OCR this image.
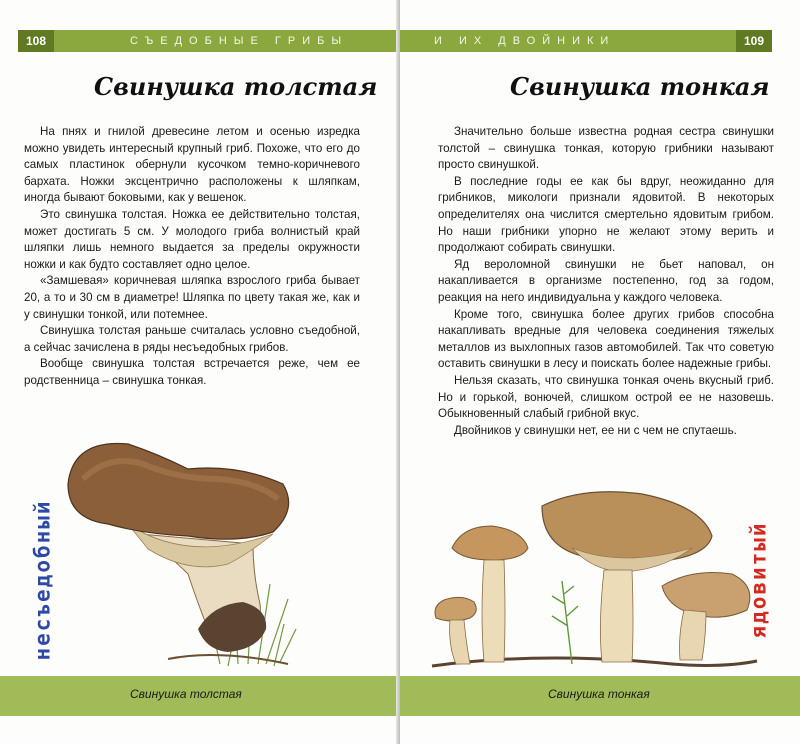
108	СЪЕДОБНЫЕ ГРИБЫ
Свинушка толстая

На пнях и гнилой древесине летом и осенью изредка можно увидеть интересный крупный гриб. Похоже, что его до самых пластинок обернули кусочком темно-коричневого бархата. Ножки эксцентрично расположены к шляпкам, иногда бывают боковыми, как у вешенок.

Это свинушка толстая. Ножка ее действительно толстая, может достигать 5 см. У молодого гриба волнистый край шляпки лишь немного выдается за пределы окружности ножки и как будто составляет одно целое.

«Замшевая» коричневая шляпка взрослого гриба бывает 20, а то и 30 см в диаметре! Шляпка по цвету такая же, как и у свинушки тонкой, или потемнее.

Свинушка толстая раньше считалась условно съедобной, а сейчас зачислена в ряды несъедобных грибов.

Вообще свинушка толстая встречается реже, чем ее родственница – свинушка тонкая.

несъедобный
Свинушка толстая
И ИХ ДВОЙНИКИ	109
Свинушка тонкая

Значительно больше известна родная сестра свинушки толстой – свинушка тонкая, которую грибники называют просто свинушкой.

В последние годы ее как бы вдруг, неожиданно для грибников, микологи признали ядовитой. В некоторых определителях она числится смертельно ядовитым грибом. Но наши грибники упорно не желают этому верить и продолжают собирать свинушки.

Яд верoломной свинушки не бьет наповал, он накапливается в организме постепенно, год за годом, реакция на него индивидуальна у каждого человека.

Кроме того, свинушка более других грибов способна накапливать вредные для человека соединения тяжелых металлов из выхлопных газов автомобилей. Так что советую оставить свинушки в лесу и поискать более надежные грибы.

Нельзя сказать, что свинушка тонкая очень вкусный гриб. Но и горькой, вонючей, слишком острой ее не назовешь. Обыкновенный слабый грибной вкус.

Двойников у свинушки нет, ее ни с чем не спутаешь.

ядовитый
Свинушка тонкая
